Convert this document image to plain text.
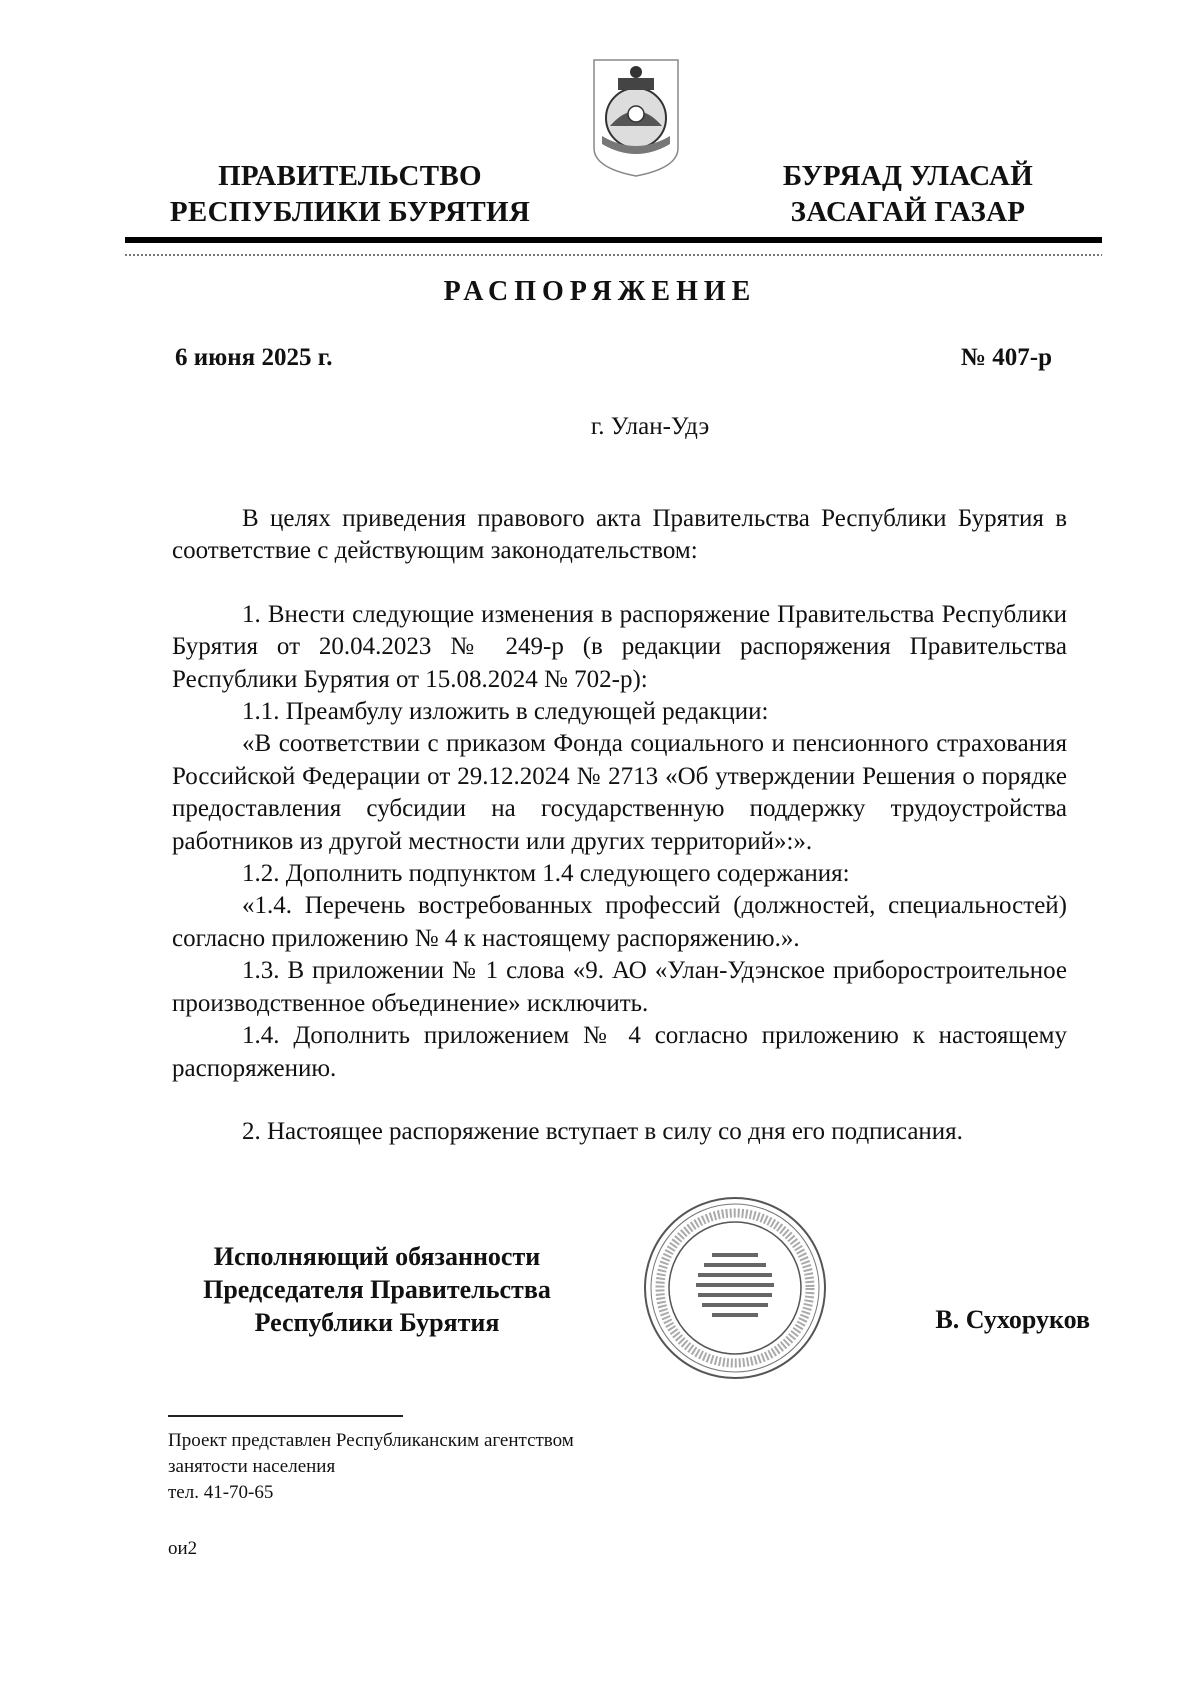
ПРАВИТЕЛЬСТВО
РЕСПУБЛИКИ БУРЯТИЯ
БУРЯАД УЛАСАЙ
ЗАСАГАЙ ГАЗАР
РАСПОРЯЖЕНИЕ
6 июня 2025 г.	№ 407-р
г. Улан-Удэ

В целях приведения правового акта Правительства Республики Бурятия в соответствие с действующим законодательством:

1. Внести следующие изменения в распоряжение Правительства Республики Бурятия от 20.04.2023 № 249-р (в редакции распоряжения Правительства Республики Бурятия от 15.08.2024 № 702-р):

1.1. Преамбулу изложить в следующей редакции:

«В соответствии с приказом Фонда социального и пенсионного страхования Российской Федерации от 29.12.2024 № 2713 «Об утверждении Решения о порядке предоставления субсидии на государственную поддержку трудоустройства работников из другой местности или других территорий»:».

1.2. Дополнить подпунктом 1.4 следующего содержания:

«1.4. Перечень востребованных профессий (должностей, специальностей) согласно приложению № 4 к настоящему распоряжению.».

1.3. В приложении № 1 слова «9. АО «Улан-Удэнское приборостроительное производственное объединение» исключить.

1.4. Дополнить приложением № 4 согласно приложению к настоящему распоряжению.

2. Настоящее распоряжение вступает в силу со дня его подписания.

Исполняющий обязанности
Председателя Правительства
Республики Бурятия	В. Сухоруков
Проект представлен Республиканским агентством
занятости населения
тел. 41-70-65
ои2
